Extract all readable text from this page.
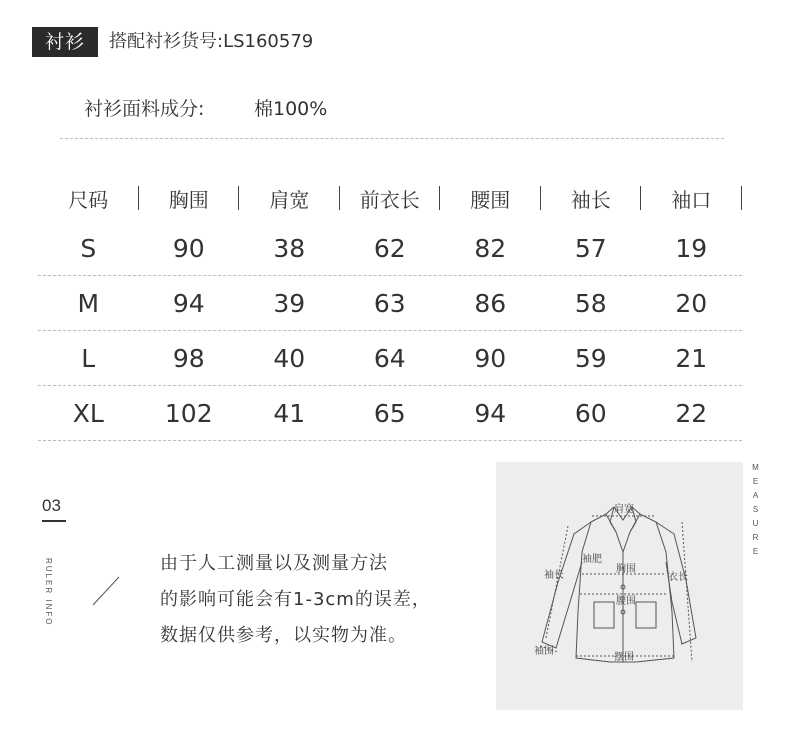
衬衫	搭配衬衫货号:LS160579
衬衫面料成分:	棉100%
尺码	胸围	肩宽	前衣长	腰围	袖长	袖口
S	90	38	62	82	57	19
M	94	39	63	86	58	20
L	98	40	64	90	59	21
XL	102	41	65	94	60	22
03
RULER INFO	由于人工测量以及测量方法
的影响可能会有1-3cm的误差，
数据仅供参考，以实物为准。
肩宽
袖肥
胸围
袖长	衣长
腰围
袖围
摆围
MEASURE
